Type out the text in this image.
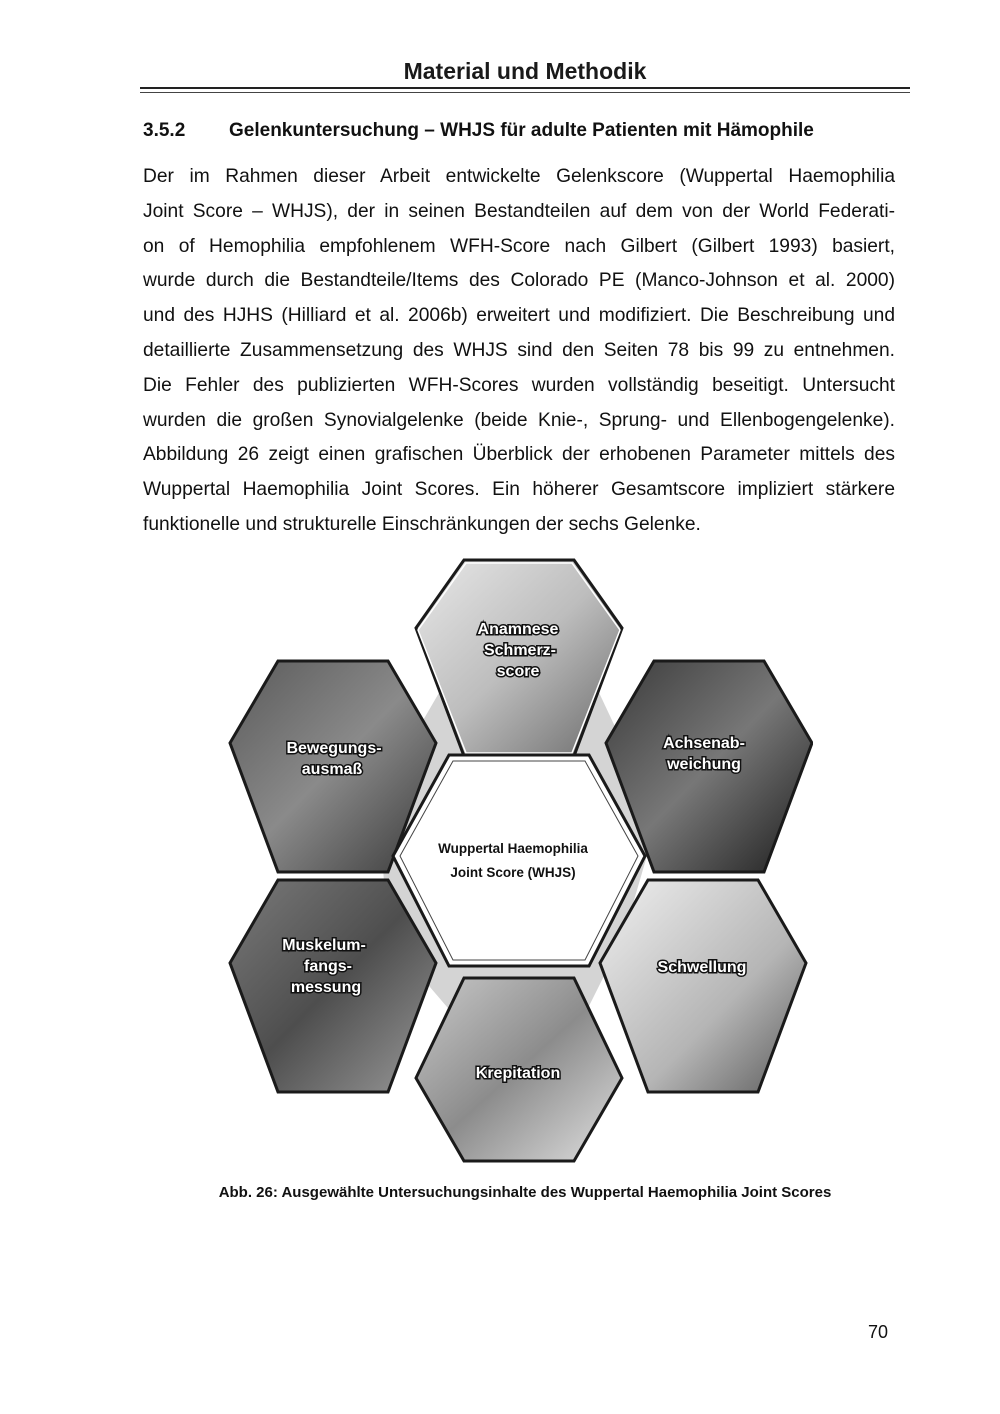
Material und Methodik
3.5.2 Gelenkuntersuchung – WHJS für adulte Patienten mit Hämophile
Der im Rahmen dieser Arbeit entwickelte Gelenkscore (Wuppertal Haemophilia
Joint Score – WHJS), der in seinen Bestandteilen auf dem von der World Federati-
on of Hemophilia empfohlenem WFH-Score nach Gilbert (Gilbert 1993) basiert,
wurde durch die Bestandteile/Items des Colorado PE (Manco-Johnson et al. 2000)
und des HJHS (Hilliard et al. 2006b) erweitert und modifiziert. Die Beschreibung und
detaillierte Zusammensetzung des WHJS sind den Seiten 78 bis 99 zu entnehmen.
Die Fehler des publizierten WFH-Scores wurden vollständig beseitigt. Untersucht
wurden die großen Synovialgelenke (beide Knie-, Sprung- und Ellenbogengelenke).
Abbildung 26 zeigt einen grafischen Überblick der erhobenen Parameter mittels des
Wuppertal Haemophilia Joint Scores. Ein höherer Gesamtscore impliziert stärkere
funktionelle und strukturelle Einschränkungen der sechs Gelenke.
Anamnese
Schmerz-
score
Achsenab-
weichung
Schwellung
Krepitation
Muskelum-
fangs-
messung
Bewegungs-
ausmaß
Wuppertal Haemophilia
Joint Score (WHJS)
Abb. 26: Ausgewählte Untersuchungsinhalte des Wuppertal Haemophilia Joint Scores
70
